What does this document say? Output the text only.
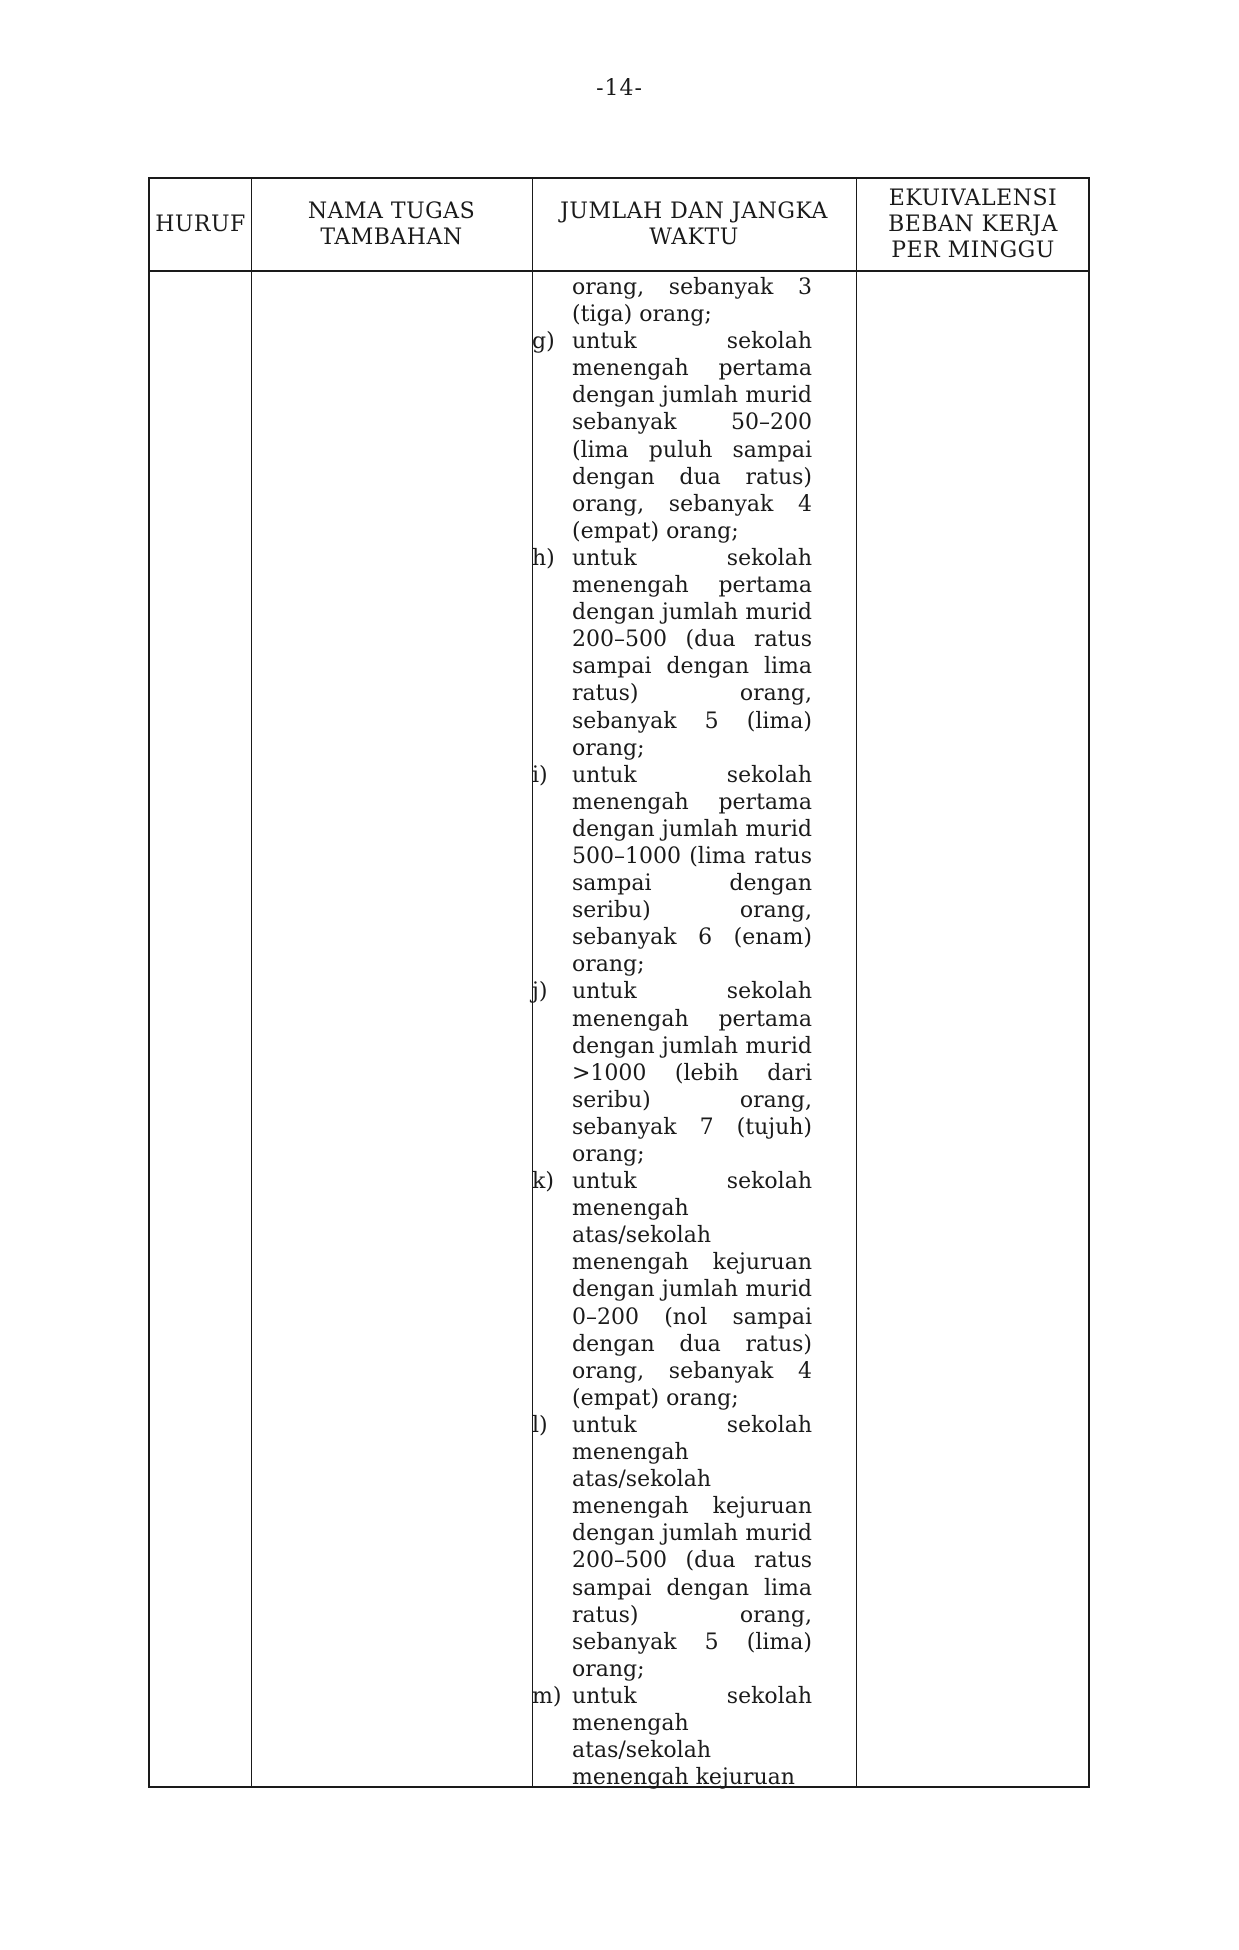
-14-
HURUF
NAMA TUGAS TAMBAHAN
JUMLAH DAN JANGKA WAKTU
EKUIVALENSI BEBAN KERJA PER MINGGU
orang, sebanyak 3 (tiga) orang;
g) untuk sekolah menengah pertama dengan jumlah murid sebanyak 50–200 (lima puluh sampai dengan dua ratus) orang, sebanyak 4 (empat) orang;
h) untuk sekolah menengah pertama dengan jumlah murid 200–500 (dua ratus sampai dengan lima ratus) orang, sebanyak 5 (lima) orang;
i) untuk sekolah menengah pertama dengan jumlah murid 500–1000 (lima ratus sampai dengan seribu) orang, sebanyak 6 (enam) orang;
j) untuk sekolah menengah pertama dengan jumlah murid >1000 (lebih dari seribu) orang, sebanyak 7 (tujuh) orang;
k) untuk sekolah menengah atas/sekolah menengah kejuruan dengan jumlah murid 0–200 (nol sampai dengan dua ratus) orang, sebanyak 4 (empat) orang;
l) untuk sekolah menengah atas/sekolah menengah kejuruan dengan jumlah murid 200–500 (dua ratus sampai dengan lima ratus) orang, sebanyak 5 (lima) orang;
m) untuk sekolah menengah atas/sekolah menengah kejuruan
